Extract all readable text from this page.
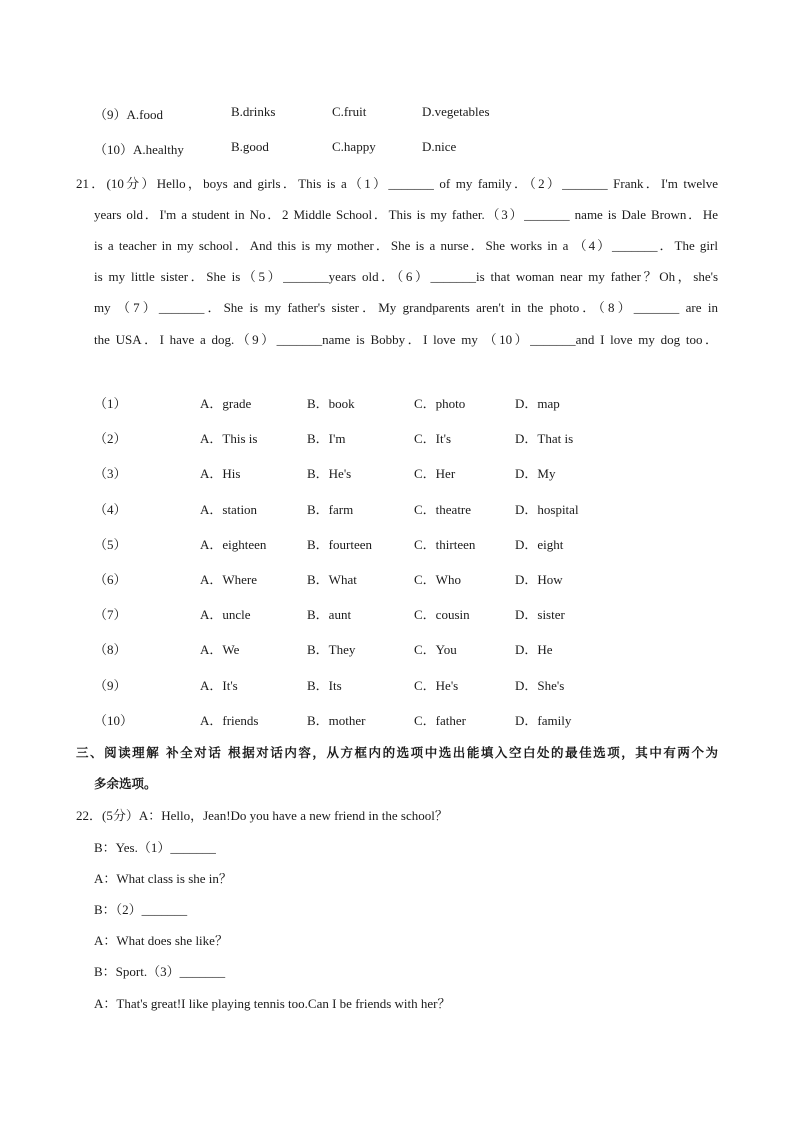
（9）A.food	B.drinks	C.fruit	D.vegetables
（10）A.healthy	B.good	C.happy	D.nice
21．(10分）Hello，boys and girls．This is a（1）_______ of my family．（2）_______ Frank．I'm twelve
years old．I'm a student in No．2 Middle School．This is my father.（3）_______ name is Dale Brown．He
is a teacher in my school．And this is my mother．She is a nurse．She works in a （4）_______．The girl
is my little sister．She is（5）_______years old．（6）_______is that woman near my father？Oh，she's
my （7）_______．She is my father's sister．My grandparents aren't in the photo．（8）_______ are in
the USA．I have a dog.（9）_______name is Bobby．I love my （10）_______and I love my dog too．
（1）	A．grade	B．book	C．photo	D．map
（2）	A．This is	B．I'm	C．It's	D．That is
（3）	A．His	B．He's	C．Her	D．My
（4）	A．station	B．farm	C．theatre	D．hospital
（5）	A．eighteen	B．fourteen	C．thirteen	D．eight
（6）	A．Where	B．What	C．Who	D．How
（7）	A．uncle	B．aunt	C．cousin	D．sister
（8）	A．We	B．They	C．You	D．He
（9）	A．It's	B．Its	C．He's	D．She's
（10）	A．friends	B．mother	C．father	D．family
三、阅读理解 补全对话 根据对话内容，从方框内的选项中选出能填入空白处的最佳选项，其中有两个为
多余选项。
22．(5分）A：Hello，Jean!Do you have a new friend in the school？
B：Yes.（1）_______
A：What class is she in？
B：（2）_______
A：What does she like？
B：Sport.（3）_______
A：That's great!I like playing tennis too.Can I be friends with her？
